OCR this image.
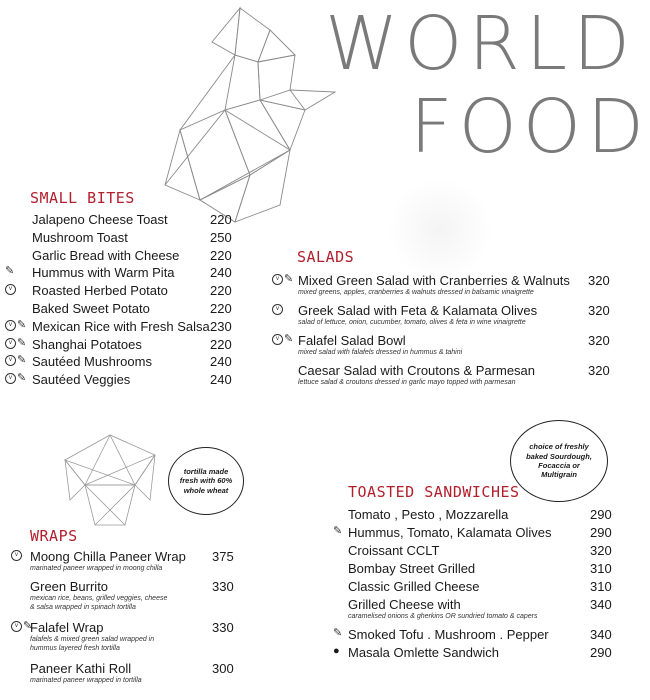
WORLD
FOOD
SMALL BITES
Jalapeno Cheese Toast	220
Mushroom Toast	250
Garlic Bread with Cheese 220
Hummus with Warm Pita	240
✎
Roasted Herbed Potato	220
v
Baked Sweet Potato	220
Mexican Rice with Fresh Salsa 230
v ✎
Shanghai Potatoes	220
v ✎
Sautéed Mushrooms	240
v ✎
Sautéed Veggies	240
v ✎
SALADS
Mixed Green Salad with Cranberries & Walnuts 320
mixed greens, apples, cranberries & walnuts dressed in balsamic vinaigrette
v ✎
Greek Salad with Feta & Kalamata Olives	320
salad of lettuce, onion, cucumber, tomato, olives & feta in wine vinaigrette
v
Falafel Salad Bowl	320
mixed salad with falafels dressed in hummus & tahini
v ✎
Caesar Salad with Croutons & Parmesan	320
lettuce salad & croutons dressed in garlic mayo topped with parmesan
tortilla made fresh with 60% whole wheat
WRAPS
Moong Chilla Paneer Wrap 375
marinated paneer wrapped in moong chilla
v
Green Burrito	330
mexican rice, beans, grilled veggies, cheese
& salsa wrapped in spinach tortilla
Falafel Wrap	330
falafels & mixed green salad wrapped in
hummus layered fresh tortilla
v ✎
Paneer Kathi Roll	300
marinated paneer wrapped in tortilla
choice of freshly baked Sourdough, Focaccia or Multigrain
TOASTED SANDWICHES
Tomato , Pesto , Mozzarella	290
Hummus, Tomato, Kalamata Olives	290
✎
Croissant CCLT	320
Bombay Street Grilled	310
Classic Grilled Cheese	310
Grilled Cheese with	340
caramelised onions & gherkins OR sundried tomato & capers
Smoked Tofu . Mushroom . Pepper	340
✎
Masala Omlette Sandwich	290
●
